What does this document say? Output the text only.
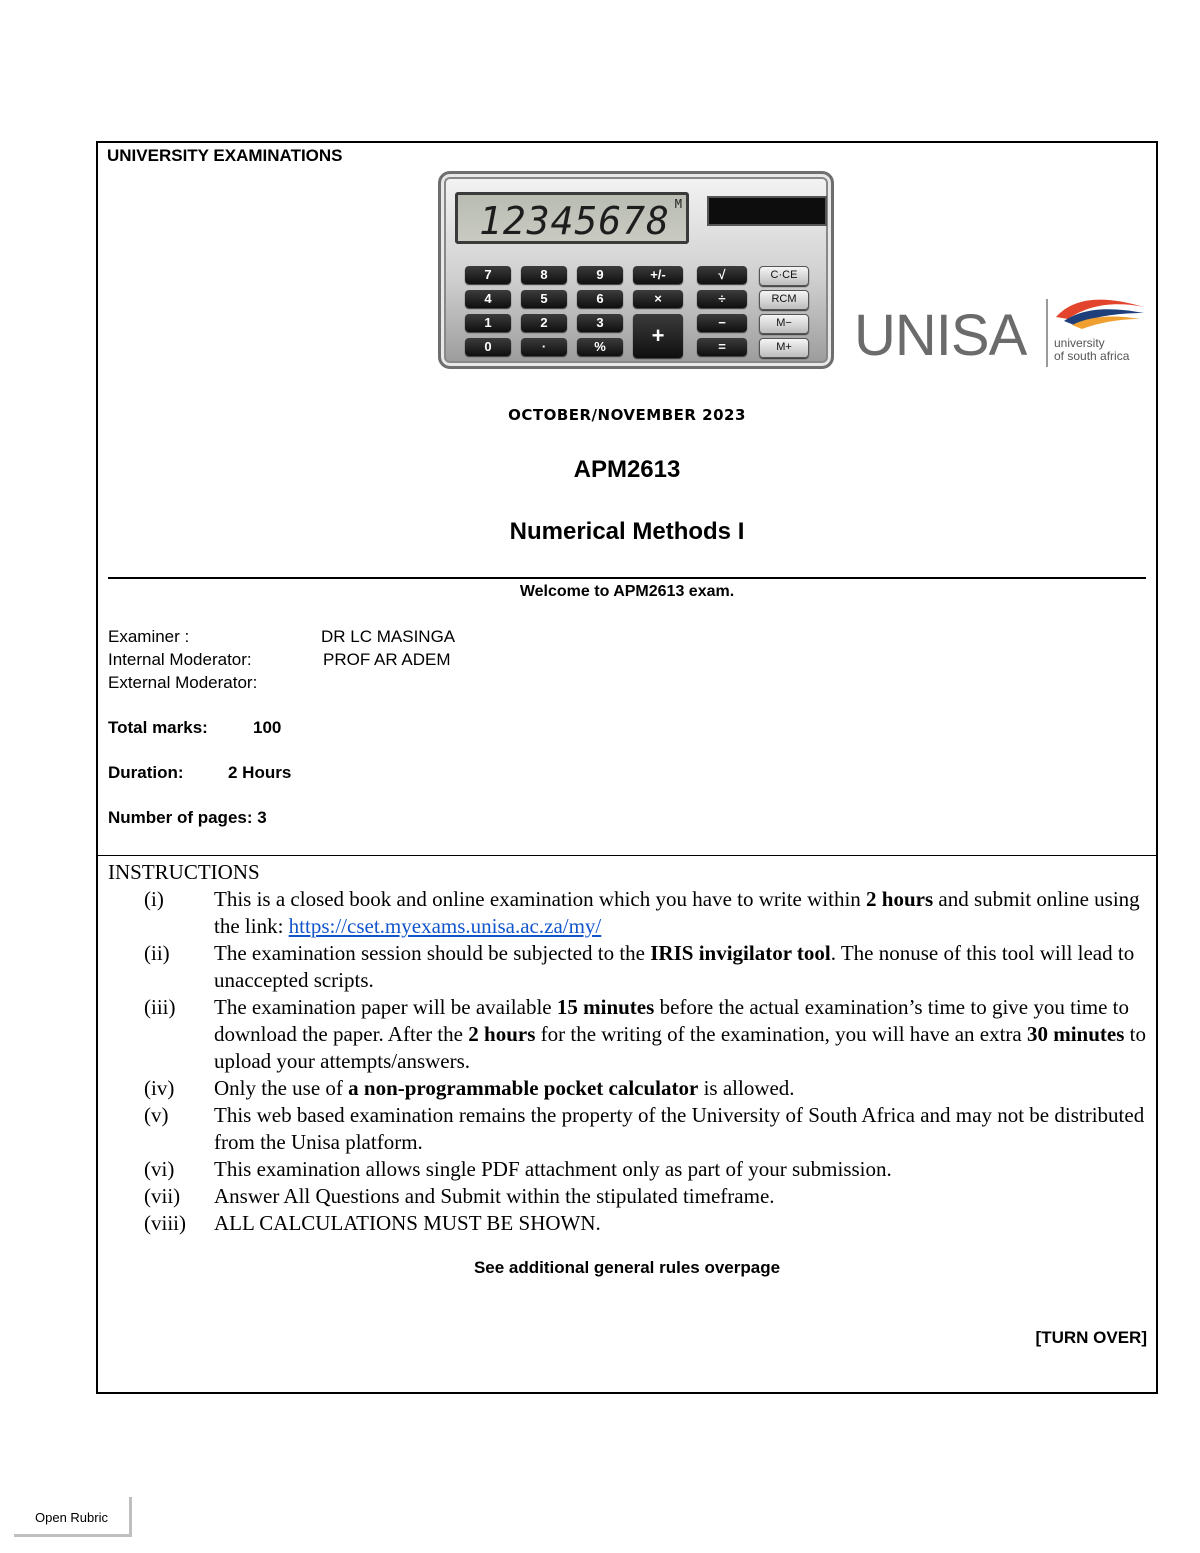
UNIVERSITY EXAMINATIONS
12345678 M
7	8	9	+/-	√	C·CE
4	5	6	×	÷	RCM
1	2	3	−	M−
0	·	%	=	M+
+	UNISA university
of south africa
OCTOBER/NOVEMBER 2023
APM2613
Numerical Methods I
Welcome to APM2613 exam.
Examiner :	DR LC MASINGA
Internal Moderator:	PROF AR ADEM
External Moderator:
Total marks:	100
Duration:	2 Hours
Number of pages: 3
INSTRUCTIONS
(i) This is a closed book and online examination which you have to write within 2 hours and submit online using the link: https://cset.myexams.unisa.ac.za/my/
(ii) The examination session should be subjected to the IRIS invigilator tool. The nonuse of this tool will lead to unaccepted scripts.
(iii) The examination paper will be available 15 minutes before the actual examination’s time to give you time to download the paper. After the 2 hours for the writing of the examination, you will have an extra 30 minutes to upload your attempts/answers.
(iv) Only the use of a non-programmable pocket calculator is allowed.
(v) This web based examination remains the property of the University of South Africa and may not be distributed from the Unisa platform.
(vi) This examination allows single PDF attachment only as part of your submission.
(vii) Answer All Questions and Submit within the stipulated timeframe.
(viii) ALL CALCULATIONS MUST BE SHOWN.
See additional general rules overpage
[TURN OVER]
Open Rubric
